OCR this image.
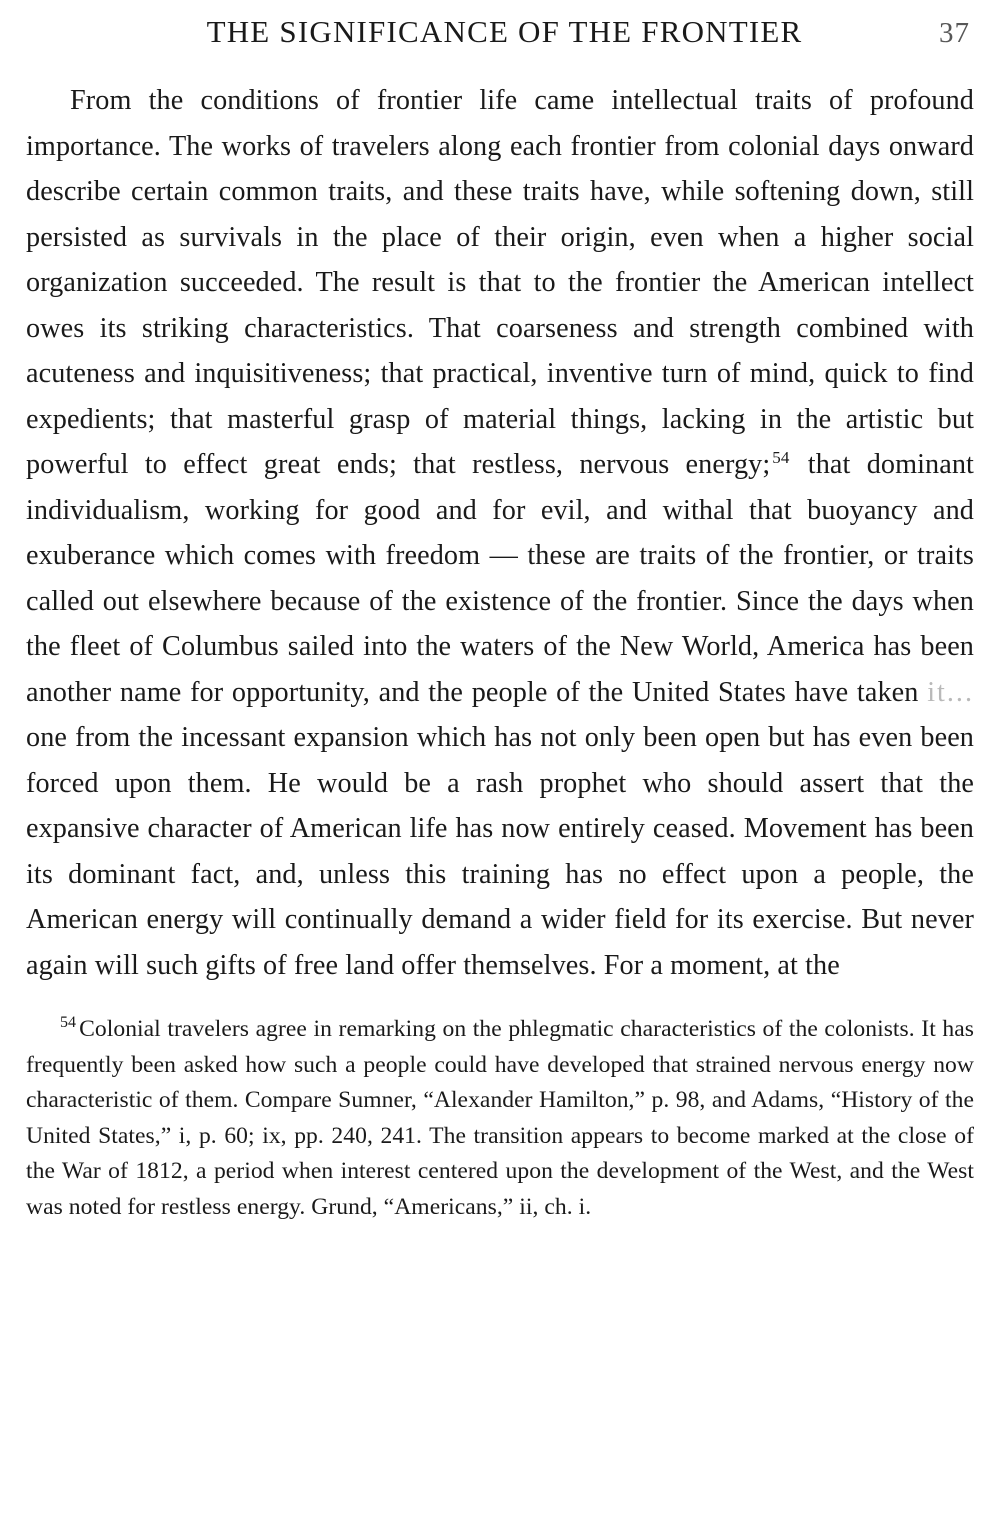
THE SIGNIFICANCE OF THE FRONTIER	37

From the conditions of frontier life came intellectual traits of profound importance. The works of travelers along each frontier from colonial days onward describe certain common traits, and these traits have, while softening down, still persisted as survivals in the place of their origin, even when a higher social organization succeeded. The result is that to the frontier the American intellect owes its striking characteristics. That coarseness and strength combined with acuteness and inquisitiveness; that practical, inventive turn of mind, quick to find expedients; that masterful grasp of material things, lacking in the artistic but powerful to effect great ends; that restless, nervous energy; $^{54}$ that dominant individualism, working for good and for evil, and withal that buoyancy and exuberance which comes with freedom — these are traits of the frontier, or traits called out elsewhere because of the existence of the frontier. Since the days when the fleet of Columbus sailed into the waters of the New World, America has been another name for opportunity, and the people of the United States have taken it... one from the incessant expansion which has not only been open but has even been forced upon them. He would be a rash prophet who should assert that the expansive character of American life has now entirely ceased. Movement has been its dominant fact, and, unless this training has no effect upon a people, the American energy will continually demand a wider field for its exercise. But never again will such gifts of free land offer themselves. For a moment, at the

$^{54}$ Colonial travelers agree in remarking on the phlegmatic characteristics of the colonists. It has frequently been asked how such a people could have developed that strained nervous energy now characteristic of them. Compare Sumner, “Alexander Hamilton,” p. 98, and Adams, “History of the United States,” i, p. 60; ix, pp. 240, 241. The transition appears to become marked at the close of the War of 1812, a period when interest centered upon the development of the West, and the West was noted for restless energy. Grund, “Americans,” ii, ch. i.
